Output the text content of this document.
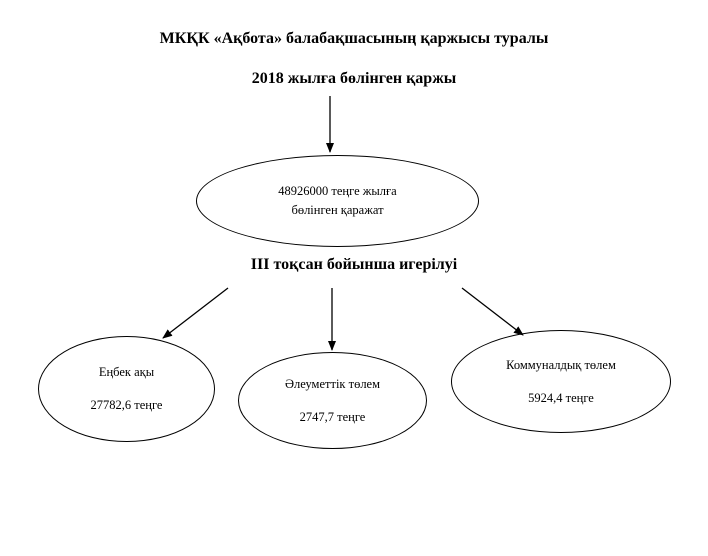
МКҚК «Ақбота» балабақшасының қаржысы туралы
2018 жылға бөлінген қаржы
III тоқсан бойынша игерілуі
48926000 теңге жылға
бөлінген қаражат
Еңбек ақы
27782,6 теңге
Әлеуметтік төлем
2747,7 теңге
Коммуналдық төлем
5924,4 теңге
